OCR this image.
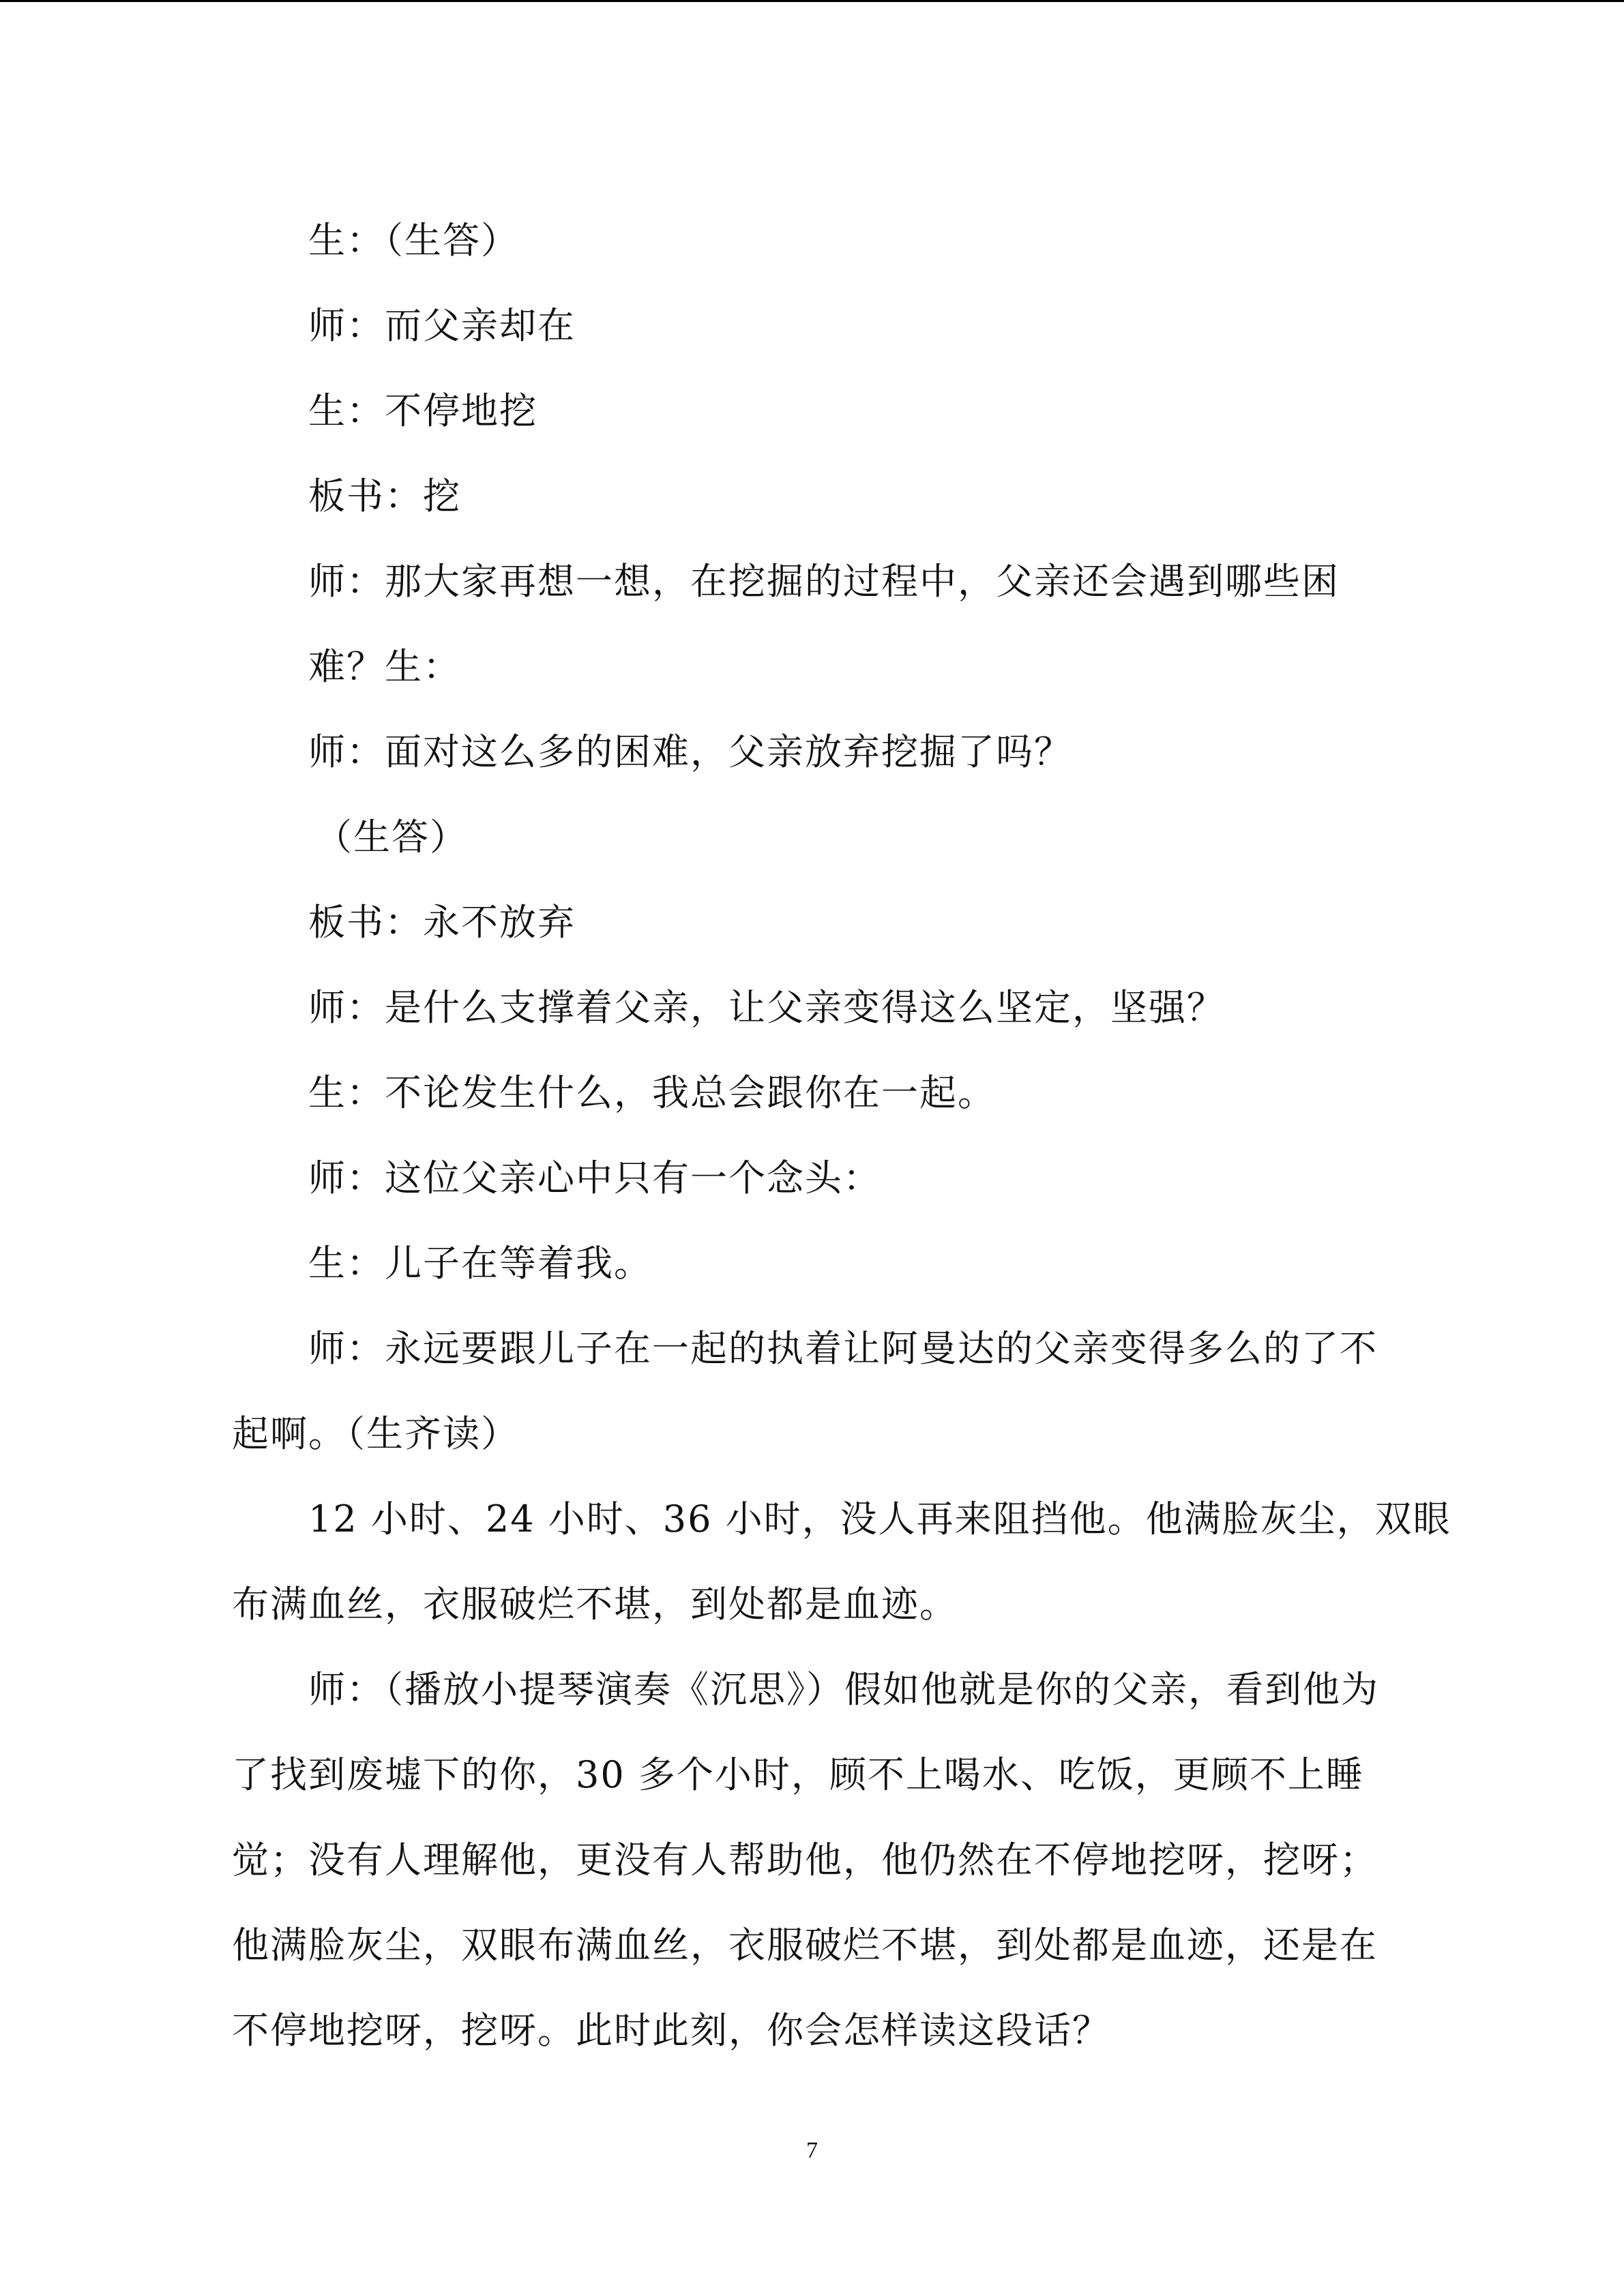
生：（生答）
师：而父亲却在
生：不停地挖
板书：挖
师：那大家再想一想，在挖掘的过程中，父亲还会遇到哪些困
难？生：
师：面对这么多的困难，父亲放弃挖掘了吗？
（生答）
板书：永不放弃
师：是什么支撑着父亲，让父亲变得这么坚定，坚强？
生：不论发生什么，我总会跟你在一起。
师：这位父亲心中只有一个念头：
生：儿子在等着我。
师：永远要跟儿子在一起的执着让阿曼达的父亲变得多么的了不
起啊。（生齐读）
12 小时、24 小时、36 小时，没人再来阻挡他。他满脸灰尘，双眼
布满血丝，衣服破烂不堪，到处都是血迹。
师：（播放小提琴演奏《沉思》）假如他就是你的父亲，看到他为
了找到废墟下的你，30 多个小时，顾不上喝水、吃饭，更顾不上睡
觉；没有人理解他，更没有人帮助他，他仍然在不停地挖呀，挖呀；
他满脸灰尘，双眼布满血丝，衣服破烂不堪，到处都是血迹，还是在
不停地挖呀，挖呀。此时此刻，你会怎样读这段话？
7
